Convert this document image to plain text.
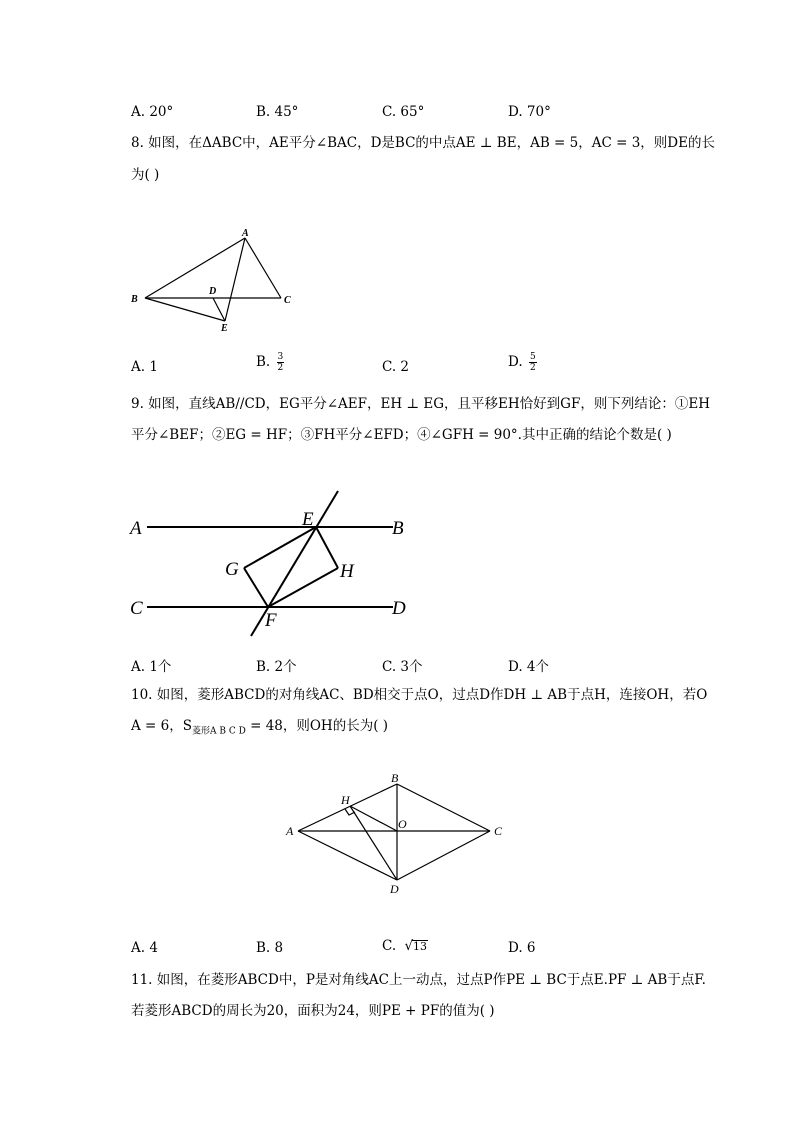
A. 20°	B. 45°	C. 65°	D. 70°
8. 如图，在ΔABC中，AE平分∠BAC，D是BC的中点AE ⊥ BE，AB = 5，AC = 3，则DE的长
为( )
A
B	C
D
E
A. 1	B. $\frac{3}{2}$	C. 2	D. $\frac{5}{2}$
9. 如图，直线AB//CD，EG平分∠AEF，EH ⊥ EG，且平移EH恰好到GF，则下列结论：①EH
平分∠BEF；②EG = HF；③FH平分∠EFD；④∠GFH = 90°.其中正确的结论个数是( )
A	B
C	D
E
F
G	H
A. 1个	B. 2个	C. 3个	D. 4个
10. 如图，菱形ABCD的对角线AC、BD相交于点O，过点D作DH ⊥ AB于点H，连接OH，若O
A = 6，$S_{菱形A B C D} = 48$，则OH的长为( )
A
B
C
D
H
O
A. 4	B. 8	C. √13	D. 6
11. 如图，在菱形ABCD中，P是对角线AC上一动点，过点P作PE ⊥ BC于点E.PF ⊥ AB于点F.
若菱形ABCD的周长为20，面积为24，则PE + PF的值为( )
